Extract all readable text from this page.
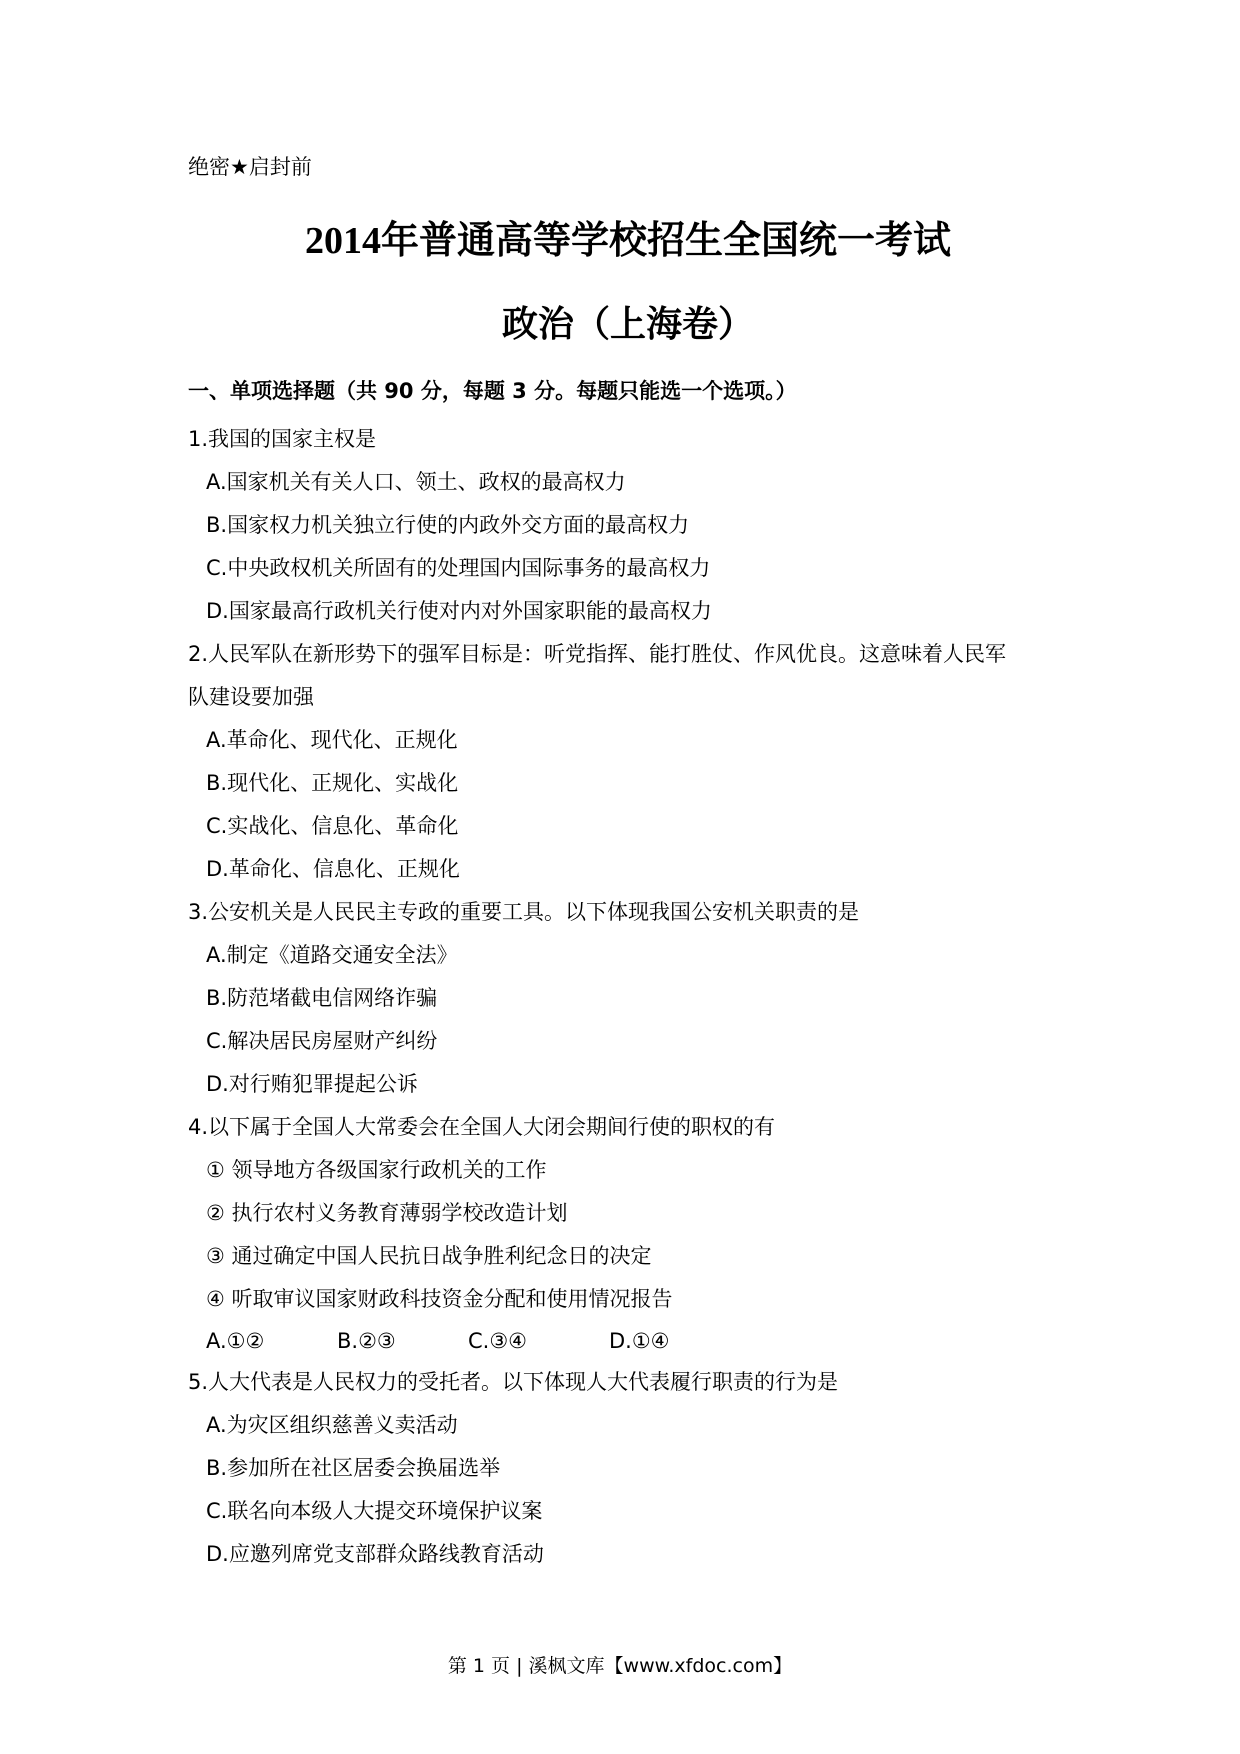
绝密★启封前
2014年普通高等学校招生全国统一考试
政治（上海卷）
一、单项选择题（共 90 分，每题 3 分。每题只能选一个选项。）
1.我国的国家主权是
A.国家机关有关人口、领土、政权的最高权力
B.国家权力机关独立行使的内政外交方面的最高权力
C.中央政权机关所固有的处理国内国际事务的最高权力
D.国家最高行政机关行使对内对外国家职能的最高权力
2.人民军队在新形势下的强军目标是：听党指挥、能打胜仗、作风优良。这意味着人民军队建设要加强
A.革命化、现代化、正规化
B.现代化、正规化、实战化
C.实战化、信息化、革命化
D.革命化、信息化、正规化
3.公安机关是人民民主专政的重要工具。以下体现我国公安机关职责的是
A.制定《道路交通安全法》
B.防范堵截电信网络诈骗
C.解决居民房屋财产纠纷
D.对行贿犯罪提起公诉
4.以下属于全国人大常委会在全国人大闭会期间行使的职权的有
① 领导地方各级国家行政机关的工作
② 执行农村义务教育薄弱学校改造计划
③ 通过确定中国人民抗日战争胜利纪念日的决定
④ 听取审议国家财政科技资金分配和使用情况报告
A.①②	B.②③	C.③④	D.①④
5.人大代表是人民权力的受托者。以下体现人大代表履行职责的行为是
A.为灾区组织慈善义卖活动
B.参加所在社区居委会换届选举
C.联名向本级人大提交环境保护议案
D.应邀列席党支部群众路线教育活动
第 1 页 | 溪枫文库【www.xfdoc.com】
